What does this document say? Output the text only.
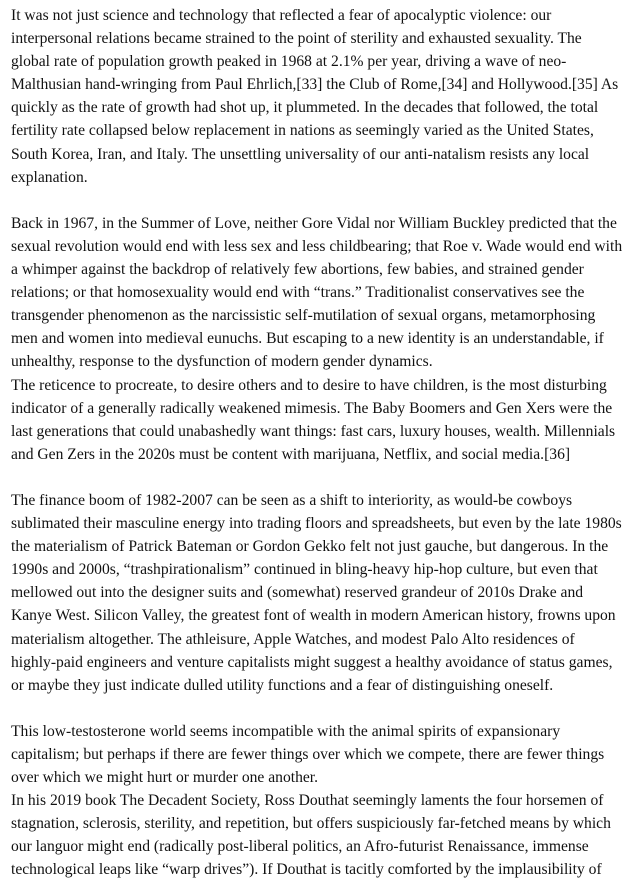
It was not just science and technology that reflected a fear of apocalyptic violence: our interpersonal relations became strained to the point of sterility and exhausted sexuality. The global rate of population growth peaked in 1968 at 2.1% per year, driving a wave of neo-Malthusian hand-wringing from Paul Ehrlich,[33] the Club of Rome,[34] and Hollywood.[35] As quickly as the rate of growth had shot up, it plummeted. In the decades that followed, the total fertility rate collapsed below replacement in nations as seemingly varied as the United States, South Korea, Iran, and Italy. The unsettling universality of our anti-natalism resists any local explanation.

Back in 1967, in the Summer of Love, neither Gore Vidal nor William Buckley predicted that the sexual revolution would end with less sex and less childbearing; that Roe v. Wade would end with a whimper against the backdrop of relatively few abortions, few babies, and strained gender relations; or that homosexuality would end with “trans.” Traditionalist conservatives see the transgender phenomenon as the narcissistic self-mutilation of sexual organs, metamorphosing men and women into medieval eunuchs. But escaping to a new identity is an understandable, if unhealthy, response to the dysfunction of modern gender dynamics.

The reticence to procreate, to desire others and to desire to have children, is the most disturbing indicator of a generally radically weakened mimesis. The Baby Boomers and Gen Xers were the last generations that could unabashedly want things: fast cars, luxury houses, wealth. Millennials and Gen Zers in the 2020s must be content with marijuana, Netflix, and social media.[36]

The finance boom of 1982-2007 can be seen as a shift to interiority, as would-be cowboys sublimated their masculine energy into trading floors and spreadsheets, but even by the late 1980s the materialism of Patrick Bateman or Gordon Gekko felt not just gauche, but dangerous. In the 1990s and 2000s, “trashpirationalism” continued in bling-heavy hip-hop culture, but even that mellowed out into the designer suits and (somewhat) reserved grandeur of 2010s Drake and Kanye West. Silicon Valley, the greatest font of wealth in modern American history, frowns upon materialism altogether. The athleisure, Apple Watches, and modest Palo Alto residences of highly-paid engineers and venture capitalists might suggest a healthy avoidance of status games, or maybe they just indicate dulled utility functions and a fear of distinguishing oneself.

This low-testosterone world seems incompatible with the animal spirits of expansionary capitalism; but perhaps if there are fewer things over which we compete, there are fewer things over which we might hurt or murder one another.

In his 2019 book The Decadent Society, Ross Douthat seemingly laments the four horsemen of stagnation, sclerosis, sterility, and repetition, but offers suspiciously far-fetched means by which our languor might end (radically post-liberal politics, an Afro-futurist Renaissance, immense technological leaps like “warp drives”). If Douthat is tacitly comforted by the implausibility of
